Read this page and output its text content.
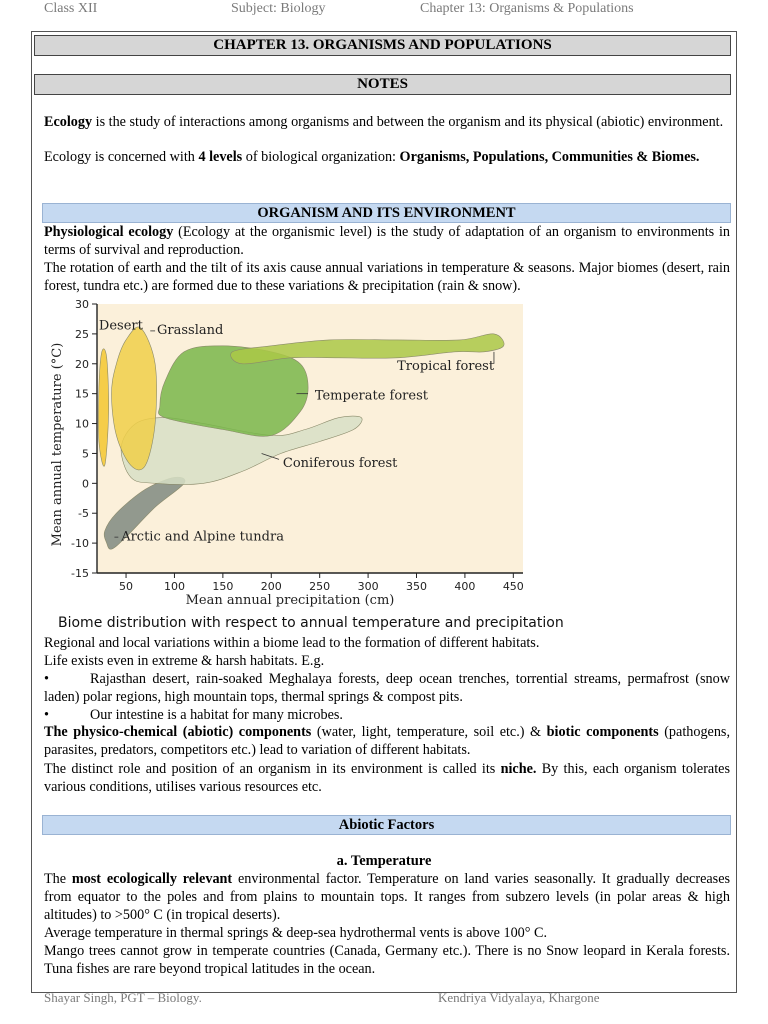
Class XII	Subject: Biology	Chapter 13: Organisms & Populations
CHAPTER 13. ORGANISMS AND POPULATIONS
NOTES

Ecology is the study of interactions among organisms and between the organism and its physical (abiotic) environment.

Ecology is concerned with 4 levels of biological organization: Organisms, Populations, Communities & Biomes.

ORGANISM AND ITS ENVIRONMENT

Physiological ecology (Ecology at the organismic level) is the study of adaptation of an organism to environments in terms of survival and reproduction.

The rotation of earth and the tilt of its axis cause annual variations in temperature & seasons. Major biomes (desert, rain forest, tundra etc.) are formed due to these variations & precipitation (rain & snow).

Arctic and Alpine tundra
Coniferous forest
Temperate forest
Grassland
Desert
Tropical forest
-15
-10
-5
0
5
10
15
20
25
30
50	100 150 200 250 300 350 400 450
Mean annual precipitation (cm)
Mean annual temperature (°C)
Biome distribution with respect to annual temperature and precipitation

Regional and local variations within a biome lead to the formation of different habitats.

Life exists even in extreme & harsh habitats. E.g.

•	Rajasthan desert, rain-soaked Meghalaya forests, deep ocean trenches, torrential streams, permafrost (snow laden) polar regions, high mountain tops, thermal springs & compost pits.
•	Our intestine is a habitat for many microbes.

The physico-chemical (abiotic) components (water, light, temperature, soil etc.) & biotic components (pathogens, parasites, predators, competitors etc.) lead to variation of different habitats.

The distinct role and position of an organism in its environment is called its niche. By this, each organism tolerates various conditions, utilises various resources etc.

Abiotic Factors
a. Temperature

The most ecologically relevant environmental factor. Temperature on land varies seasonally. It gradually decreases from equator to the poles and from plains to mountain tops. It ranges from subzero levels (in polar areas & high altitudes) to >500° C (in tropical deserts).

Average temperature in thermal springs & deep-sea hydrothermal vents is above 100° C.

Mango trees cannot grow in temperate countries (Canada, Germany etc.). There is no Snow leopard in Kerala forests. Tuna fishes are rare beyond tropical latitudes in the ocean.

Shayar Singh, PGT – Biology.	Kendriya Vidyalaya, Khargone
